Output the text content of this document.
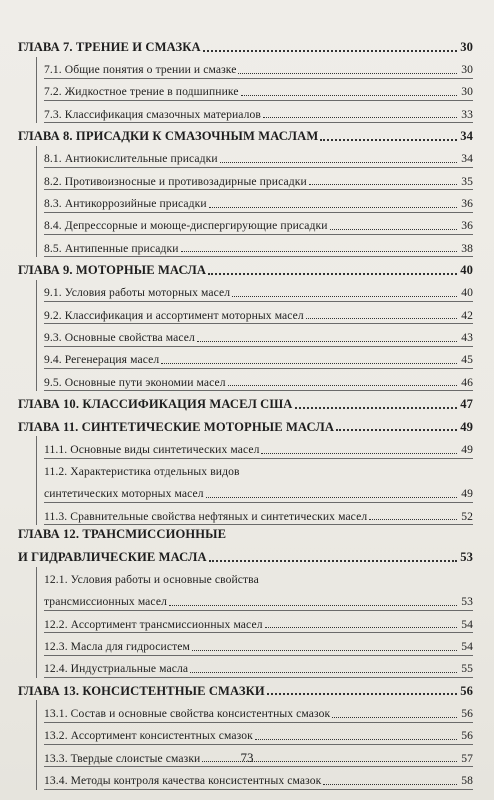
ГЛАВА 7. ТРЕНИЕ И СМАЗКА	30
7.1. Общие понятия о трении и смазке	30
7.2. Жидкостное трение в подшипнике	30
7.3. Классификация смазочных материалов	33
ГЛАВА 8. ПРИСАДКИ К СМАЗОЧНЫМ МАСЛАМ	34
8.1. Антиокислительные присадки	34
8.2. Противоизносные и противозадирные присадки	35
8.3. Антикоррозийные присадки	36
8.4. Депрессорные и моюще-диспергирующие присадки	36
8.5. Антипенные присадки	38
ГЛАВА 9. МОТОРНЫЕ МАСЛА	40
9.1. Условия работы моторных масел	40
9.2. Классификация и ассортимент моторных масел	42
9.3. Основные свойства масел	43
9.4. Регенерация масел	45
9.5. Основные пути экономии масел	46
ГЛАВА 10. КЛАССИФИКАЦИЯ МАСЕЛ США	47
ГЛАВА 11. СИНТЕТИЧЕСКИЕ МОТОРНЫЕ МАСЛА	49
11.1. Основные виды синтетических масел	49
11.2. Характеристика отдельных видов
синтетических моторных масел	49
11.3. Сравнительные свойства нефтяных и синтетических масел	52
ГЛАВА 12. ТРАНСМИССИОННЫЕ
И ГИДРАВЛИЧЕСКИЕ МАСЛА	53
12.1. Условия работы и основные свойства
трансмиссионных масел	53
12.2. Ассортимент трансмиссионных масел	54
12.3. Масла для гидросистем	54
12.4. Индустриальные масла	55
ГЛАВА 13. КОНСИСТЕНТНЫЕ СМАЗКИ	56
13.1. Состав и основные свойства консистентных смазок	56
13.2. Ассортимент консистентных смазок	56
13.3. Твердые слоистые смазки	57
13.4. Методы контроля качества консистентных смазок	58
73
